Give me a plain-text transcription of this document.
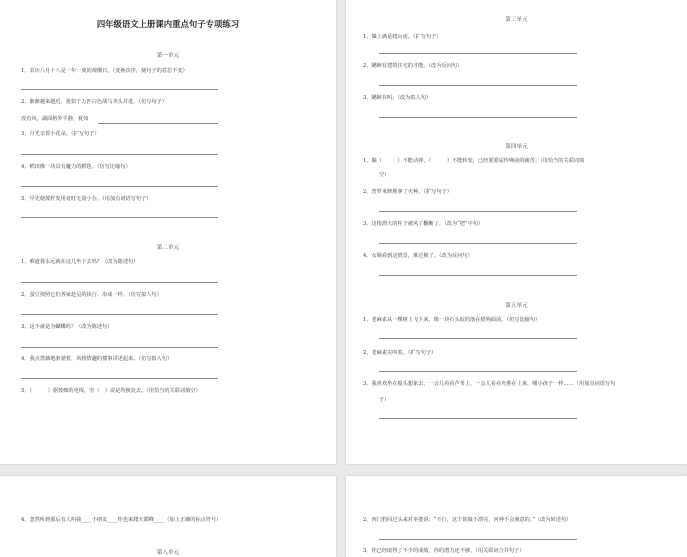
四年级语文上册课内重点句子专项练习
第一单元
1、农历八月十八是一年一度的观潮日。（变换次序，使句子的意思不变）
2、渐渐越来越近，犹如千万匹白色战马齐头并进。（仿写句子）
没有风，湖面格外平静，犹如
3、月光亲着小花朵。（扩写句子）
4、稻田像一块具有魔力的稻毯。（仿写比喻句）
5、早先使蔑籽发用竟旺无量小存。（用加点词语写句子）
第二单元
1、难道我永远就在这儿坐下去吗？（改为陈述句）
2、蚕豆按照它们各家赴呈的执行、串成一样。（仿写拟人句）
3、这不就是为蝴蝶吗？（改为陈述句）
4、我点蔷薇地驱驶着，风将情趣的搂事讲述起来。（仿写拟人句）
5、（　　　）据按细的电线，穷（　）说是均换处去。（用恰当的关联词填空）
第三单元
1、爆上满是爬山虎。（扩写句子）
2、蟋蟀有建筑住宅的才能。（改为反问句）
3、蟋蟀在叫。（改为拟人句）
第四单元
1、躲（　　　）不能动弹，（　　　）不能转变，已经要委屈传唤前的痛苦。（用恰当的关联词填
空）
2、普罗米修斯拿了火种。（扩写句子）
3、这根漂大的柱子被风了翻断了。（改为“把”字句）
4、女娲看到这情景，难过极了。（改为反问句）
第五单元
1、老麻雀从一棵树上飞下来，像一块石头似的落在猎狗面前。（仿写比喻句）
2、老麻雀尖叫着。（扩写句子）
3、我喜欢坐在船头想象去、一会儿看看芦苇上、一会儿看看舟胜在上来，哪小孩子一样……（用加点词语写句
子）
4、忽然听到那后有人叫我____小朋友____你也来爬天都峰____（加上正确的标点符号）
第八单元
2、西门豹回过头来对巫婆说：“不行，这个姑娘不漂亮，河神不会满意的。”（改为转述句）
3、你已经取得了不少的成绩，你的潜力还不够。（用关联词合并句子）
